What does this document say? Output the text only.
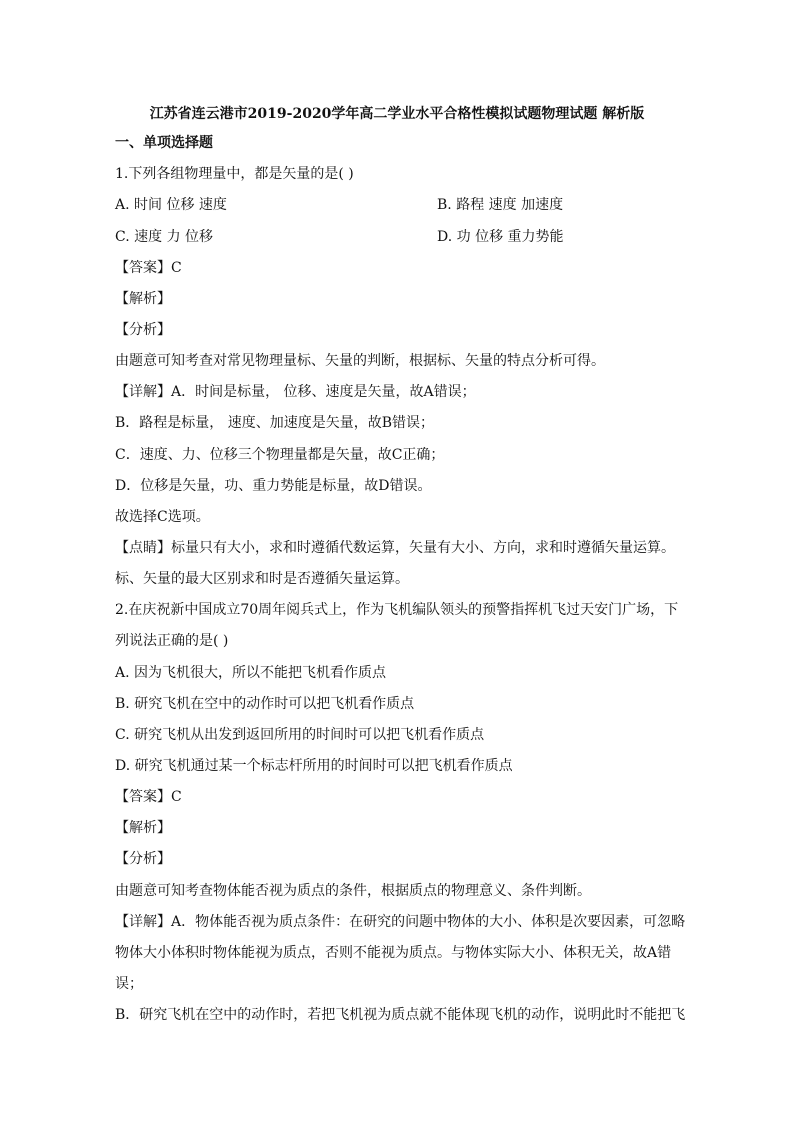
江苏省连云港市2019-2020学年高二学业水平合格性模拟试题物理试题 解析版
一、单项选择题
1.下列各组物理量中，都是矢量的是( )
A. 时间 位移 速度	B. 路程 速度 加速度
C. 速度 力 位移	D. 功 位移 重力势能
【答案】C
【解析】
【分析】
由题意可知考查对常见物理量标、矢量的判断，根据标、矢量的特点分析可得。
【详解】A．时间是标量， 位移、速度是矢量，故A错误；
B．路程是标量， 速度、加速度是矢量，故B错误；
C．速度、力、位移三个物理量都是矢量，故C正确；
D．位移是矢量，功、重力势能是标量，故D错误。
故选择C选项。
【点睛】标量只有大小，求和时遵循代数运算，矢量有大小、方向，求和时遵循矢量运算。
标、矢量的最大区别求和时是否遵循矢量运算。
2.在庆祝新中国成立70周年阅兵式上，作为飞机编队领头的预警指挥机飞过天安门广场，下
列说法正确的是( )
A. 因为飞机很大，所以不能把飞机看作质点
B. 研究飞机在空中的动作时可以把飞机看作质点
C. 研究飞机从出发到返回所用的时间时可以把飞机看作质点
D. 研究飞机通过某一个标志杆所用的时间时可以把飞机看作质点
【答案】C
【解析】
【分析】
由题意可知考查物体能否视为质点的条件，根据质点的物理意义、条件判断。
【详解】A．物体能否视为质点条件：在研究的问题中物体的大小、体积是次要因素，可忽略
物体大小体积时物体能视为质点，否则不能视为质点。与物体实际大小、体积无关，故A错
误；
B．研究飞机在空中的动作时，若把飞机视为质点就不能体现飞机的动作，说明此时不能把飞
